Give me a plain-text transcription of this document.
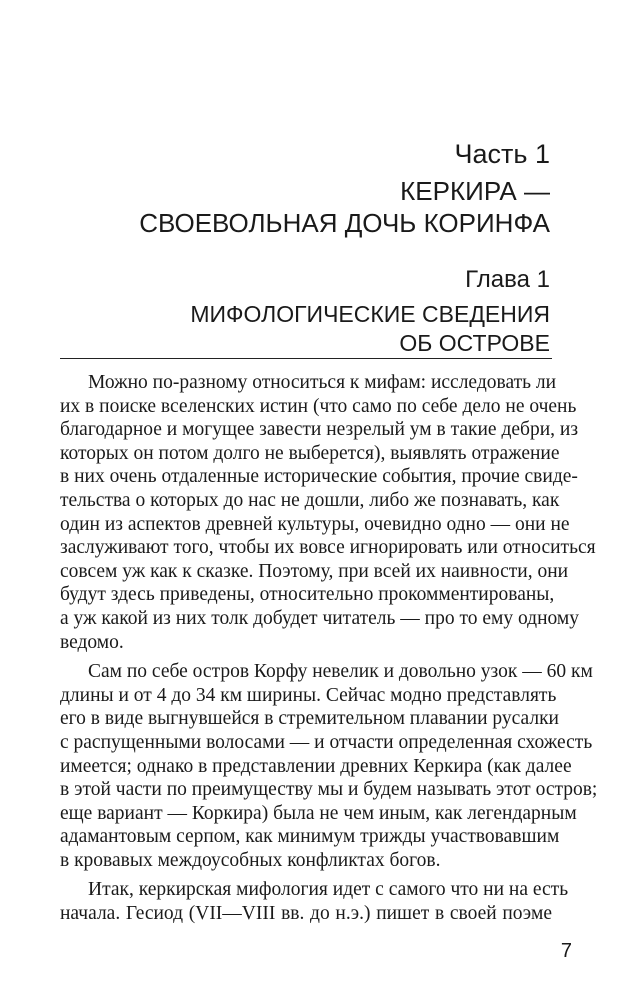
Часть 1
КЕРКИРА —
СВОЕВОЛЬНАЯ ДОЧЬ КОРИНФА
Глава 1
МИФОЛОГИЧЕСКИЕ СВЕДЕНИЯ
ОБ ОСТРОВЕ
Можно по-разному относиться к мифам: исследовать ли
их в поиске вселенских истин (что само по себе дело не очень
благодарное и могущее завести незрелый ум в такие дебри, из
которых он потом долго не выберется), выявлять отражение
в них очень отдаленные исторические события, прочие свиде-
тельства о которых до нас не дошли, либо же познавать, как
один из аспектов древней культуры, очевидно одно — они не
заслуживают того, чтобы их вовсе игнорировать или относиться
совсем уж как к сказке. Поэтому, при всей их наивности, они
будут здесь приведены, относительно прокомментированы,
а уж какой из них толк добудет читатель — про то ему одному
ведомо.
Сам по себе остров Корфу невелик и довольно узок — 60 км
длины и от 4 до 34 км ширины. Сейчас модно представлять
его в виде выгнувшейся в стремительном плавании русалки
с распущенными волосами — и отчасти определенная схожесть
имеется; однако в представлении древних Керкира (как далее
в этой части по преимуществу мы и будем называть этот остров;
еще вариант — Коркира) была не чем иным, как легендарным
адамантовым серпом, как минимум трижды участвовавшим
в кровавых междоусобных конфликтах богов.
Итак, керкирская мифология идет с самого что ни на есть
начала. Гесиод (VII—VIII вв. до н.э.) пишет в своей поэме
7
